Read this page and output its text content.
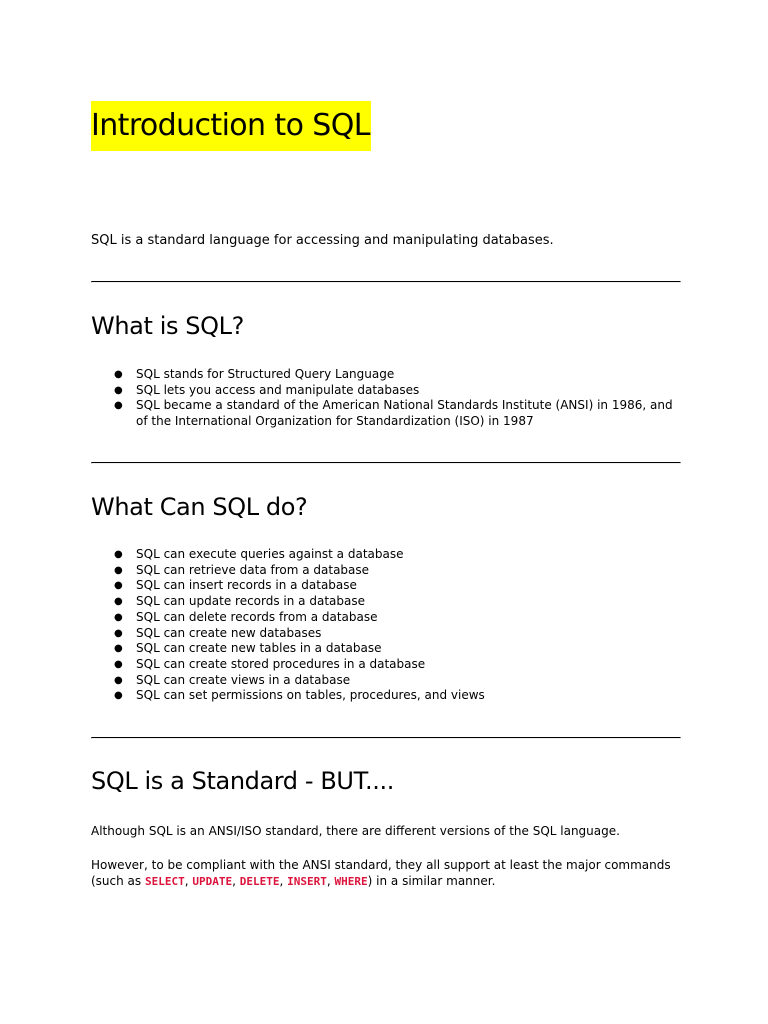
Introduction to SQL

SQL is a standard language for accessing and manipulating databases.

What is SQL?
● SQL stands for Structured Query Language
● SQL lets you access and manipulate databases
● SQL became a standard of the American National Standards Institute (ANSI) in 1986, and of the International Organization for Standardization (ISO) in 1987
What Can SQL do?
● SQL can execute queries against a database
● SQL can retrieve data from a database
● SQL can insert records in a database
● SQL can update records in a database
● SQL can delete records from a database
● SQL can create new databases
● SQL can create new tables in a database
● SQL can create stored procedures in a database
● SQL can create views in a database
● SQL can set permissions on tables, procedures, and views
SQL is a Standard - BUT....

Although SQL is an ANSI/ISO standard, there are different versions of the SQL language.

However, to be compliant with the ANSI standard, they all support at least the major commands (such as SELECT, UPDATE, DELETE, INSERT, WHERE) in a similar manner.
